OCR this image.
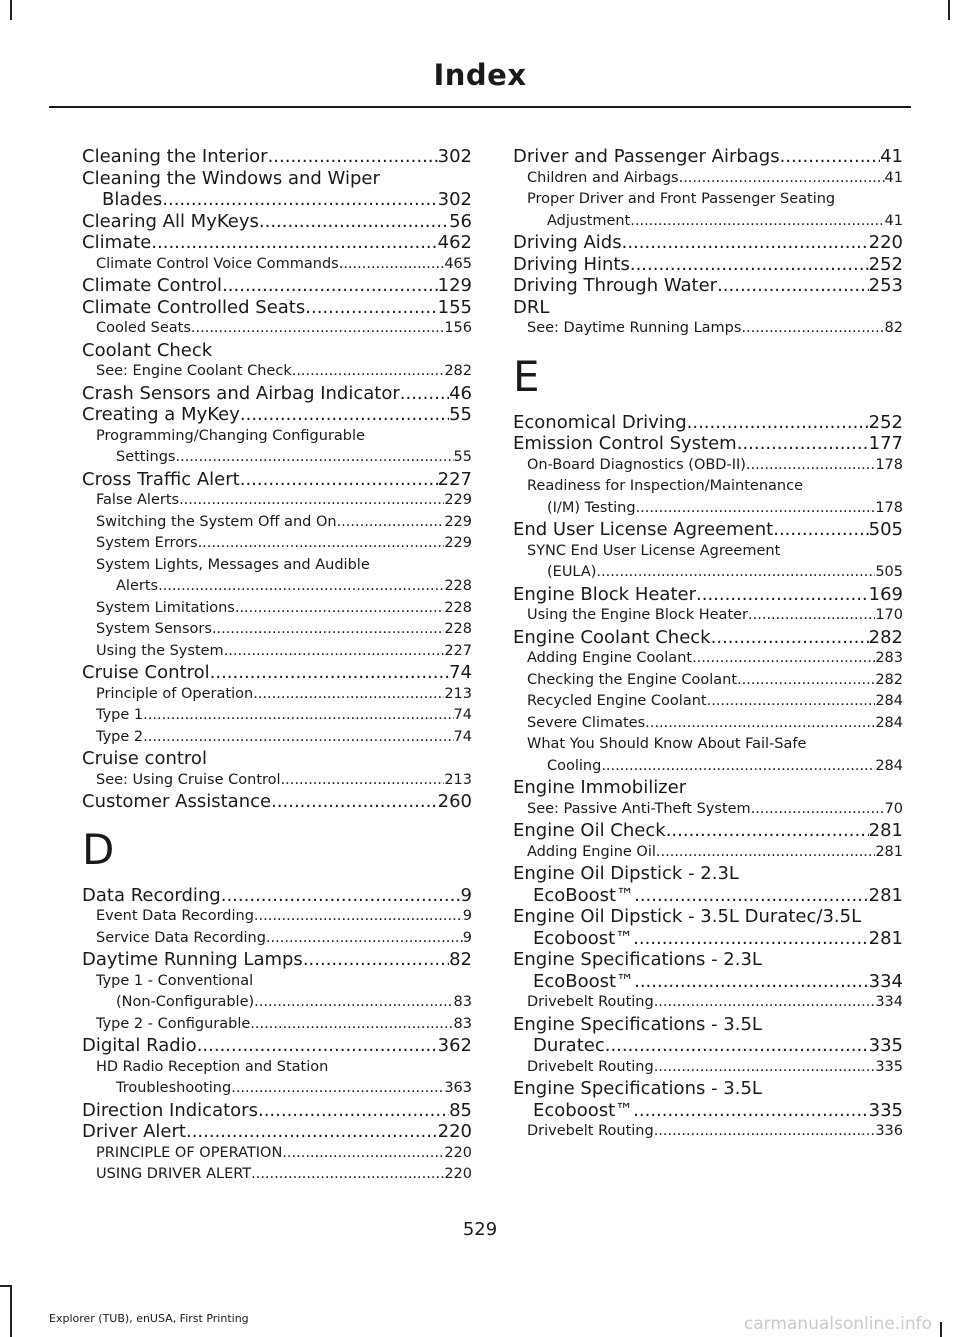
Index
Cleaning the Interior .....	302
Cleaning the Windows and Wiper
Blades .....	302
Clearing All MyKeys .....	56
Climate .....	462
Climate Control Voice Commands .....	465
Climate Control .....	129
Climate Controlled Seats .....	155
Cooled Seats .....	156
Coolant Check
See: Engine Coolant Check .....	282
Crash Sensors and Airbag Indicator .....	46
Creating a MyKey .....	55
Programming/Changing Configurable
Settings .....	55
Cross Traffic Alert .....	227
False Alerts .....	229
Switching the System Off and On .....	229
System Errors .....	229
System Lights, Messages and Audible
Alerts .....	228
System Limitations .....	228
System Sensors .....	228
Using the System .....	227
Cruise Control .....	74
Principle of Operation .....	213
Type 1 .....	74
Type 2 .....	74
Cruise control
See: Using Cruise Control .....	213
Customer Assistance .....	260
D
Data Recording .....	9
Event Data Recording .....	9
Service Data Recording .....	9
Daytime Running Lamps .....	82
Type 1 - Conventional
(Non-Configurable) .....	83
Type 2 - Configurable .....	83
Digital Radio .....	362
HD Radio Reception and Station
Troubleshooting .....	363
Direction Indicators .....	85
Driver Alert .....	220
PRINCIPLE OF OPERATION .....	220
USING DRIVER ALERT .....	220
Driver and Passenger Airbags .....	41
Children and Airbags .....	41
Proper Driver and Front Passenger Seating
Adjustment .....	41
Driving Aids .....	220
Driving Hints .....	252
Driving Through Water .....	253
DRL
See: Daytime Running Lamps .....	82
E
Economical Driving .....	252
Emission Control System .....	177
On-Board Diagnostics (OBD-II) .....	178
Readiness for Inspection/Maintenance
(I/M) Testing .....	178
End User License Agreement .....	505
SYNC End User License Agreement
(EULA) .....	505
Engine Block Heater .....	169
Using the Engine Block Heater .....	170
Engine Coolant Check .....	282
Adding Engine Coolant .....	283
Checking the Engine Coolant .....	282
Recycled Engine Coolant .....	284
Severe Climates .....	284
What You Should Know About Fail-Safe
Cooling .....	284
Engine Immobilizer
See: Passive Anti-Theft System .....	70
Engine Oil Check .....	281
Adding Engine Oil .....	281
Engine Oil Dipstick - 2.3L
EcoBoost™ .....	281
Engine Oil Dipstick - 3.5L Duratec/3.5L
Ecoboost™ .....	281
Engine Specifications - 2.3L
EcoBoost™ .....	334
Drivebelt Routing .....	334
Engine Specifications - 3.5L
Duratec .....	335
Drivebelt Routing .....	335
Engine Specifications - 3.5L
Ecoboost™ .....	335
Drivebelt Routing .....	336
529
Explorer (TUB), enUSA, First Printing	carmanualsonline.info
